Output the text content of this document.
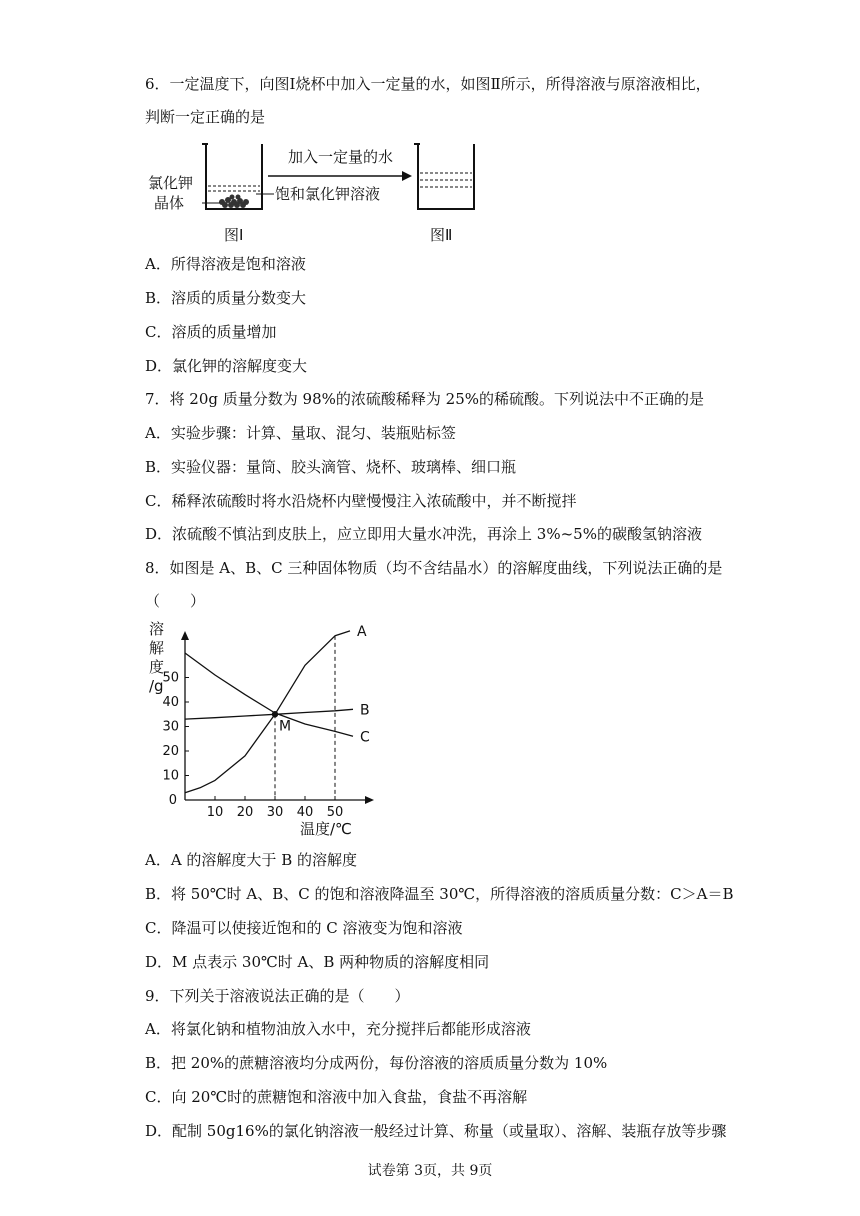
6．一定温度下，向图Ⅰ烧杯中加入一定量的水，如图Ⅱ所示，所得溶液与原溶液相比，
判断一定正确的是
氯化钾
晶体	饱和氯化钾溶液
加入一定量的水
图Ⅰ	图Ⅱ
A．所得溶液是饱和溶液
B．溶质的质量分数变大
C．溶质的质量增加
D．氯化钾的溶解度变大
7．将 20g 质量分数为 98%的浓硫酸稀释为 25%的稀硫酸。下列说法中不正确的是
A．实验步骤：计算、量取、混匀、装瓶贴标签
B．实验仪器：量筒、胶头滴管、烧杯、玻璃棒、细口瓶
C．稀释浓硫酸时将水沿烧杯内壁慢慢注入浓硫酸中，并不断搅拌
D．浓硫酸不慎沾到皮肤上，应立即用大量水冲洗，再涂上 3%~5%的碳酸氢钠溶液
8．如图是 A、B、C 三种固体物质（均不含结晶水）的溶解度曲线，下列说法正确的是
（　　）
10 20 30 40 50
10
20
30
40
50
0
溶
解
度
/g
温度/℃
A
B
C
M
A．A 的溶解度大于 B 的溶解度
B．将 50℃时 A、B、C 的饱和溶液降温至 30℃，所得溶液的溶质质量分数：C＞A＝B
C．降温可以使接近饱和的 C 溶液变为饱和溶液
D．M 点表示 30℃时 A、B 两种物质的溶解度相同
9．下列关于溶液说法正确的是（　　）
A．将氯化钠和植物油放入水中，充分搅拌后都能形成溶液
B．把 20%的蔗糖溶液均分成两份，每份溶液的溶质质量分数为 10%
C．向 20℃时的蔗糖饱和溶液中加入食盐，食盐不再溶解
D．配制 50g16%的氯化钠溶液一般经过计算、称量（或量取）、溶解、装瓶存放等步骤
试卷第 3页，共 9页
